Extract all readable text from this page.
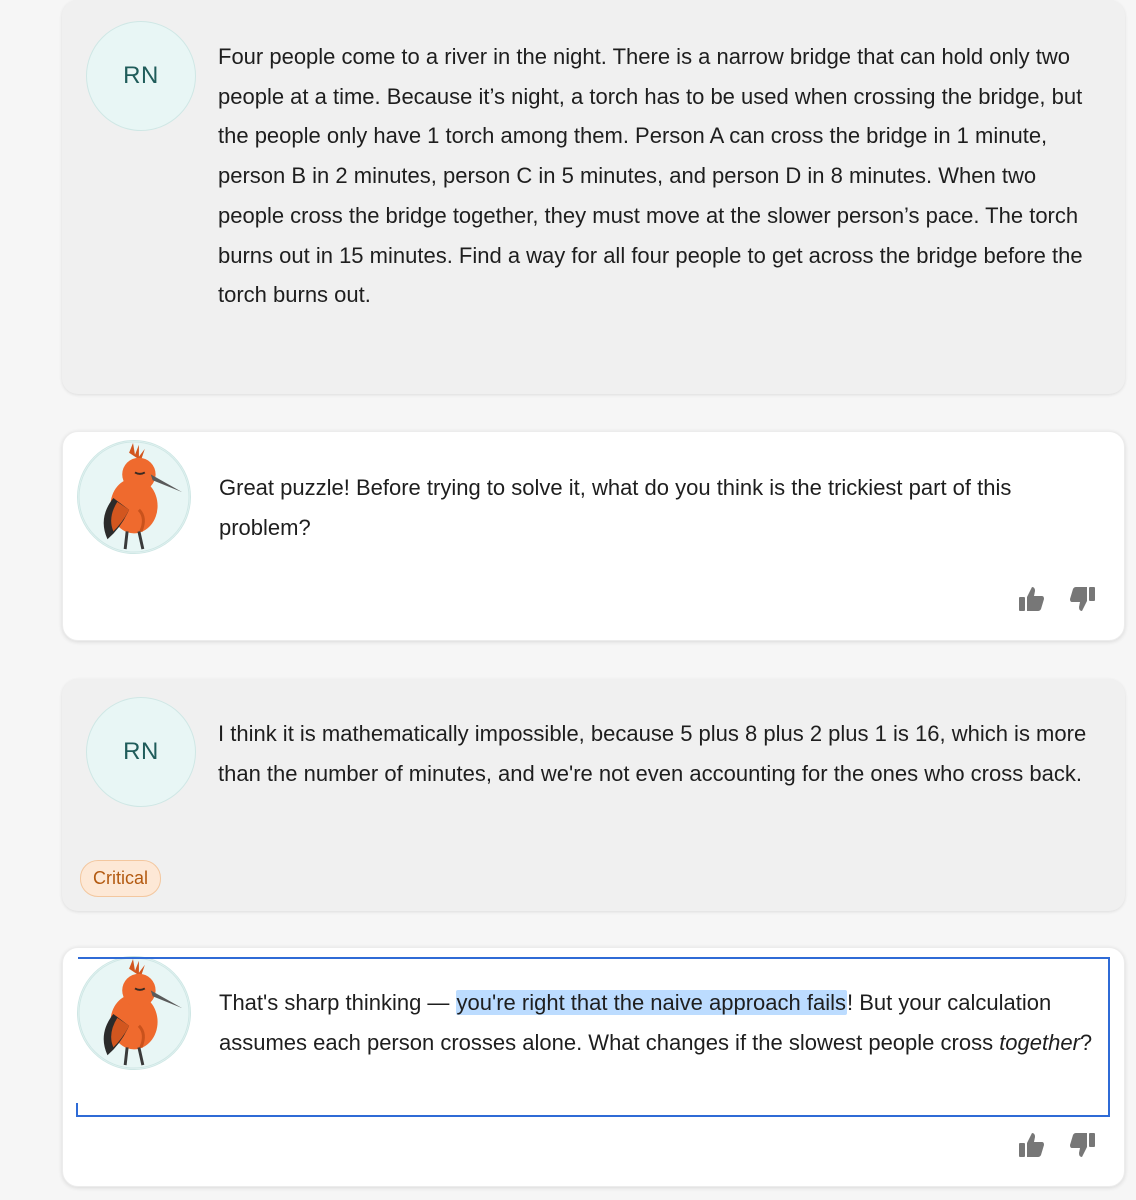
RN
Four people come to a river in the night. There is a narrow bridge that can hold only two people at a time. Because it’s night, a torch has to be used when crossing the bridge, but the people only have 1 torch among them. Person A can cross the bridge in 1 minute, person B in 2 minutes, person C in 5 minutes, and person D in 8 minutes. When two people cross the bridge together, they must move at the slower person’s pace. The torch burns out in 15 minutes. Find a way for all four people to get across the bridge before the torch burns out.
Great puzzle! Before trying to solve it, what do you think is the trickiest part of this problem?
RN
I think it is mathematically impossible, because 5 plus 8 plus 2 plus 1 is 16, which is more than the number of minutes, and we're not even accounting for the ones who cross back.
Critical
That's sharp thinking — you're right that the naive approach fails! But your calculation assumes each person crosses alone. What changes if the slowest people cross together?
